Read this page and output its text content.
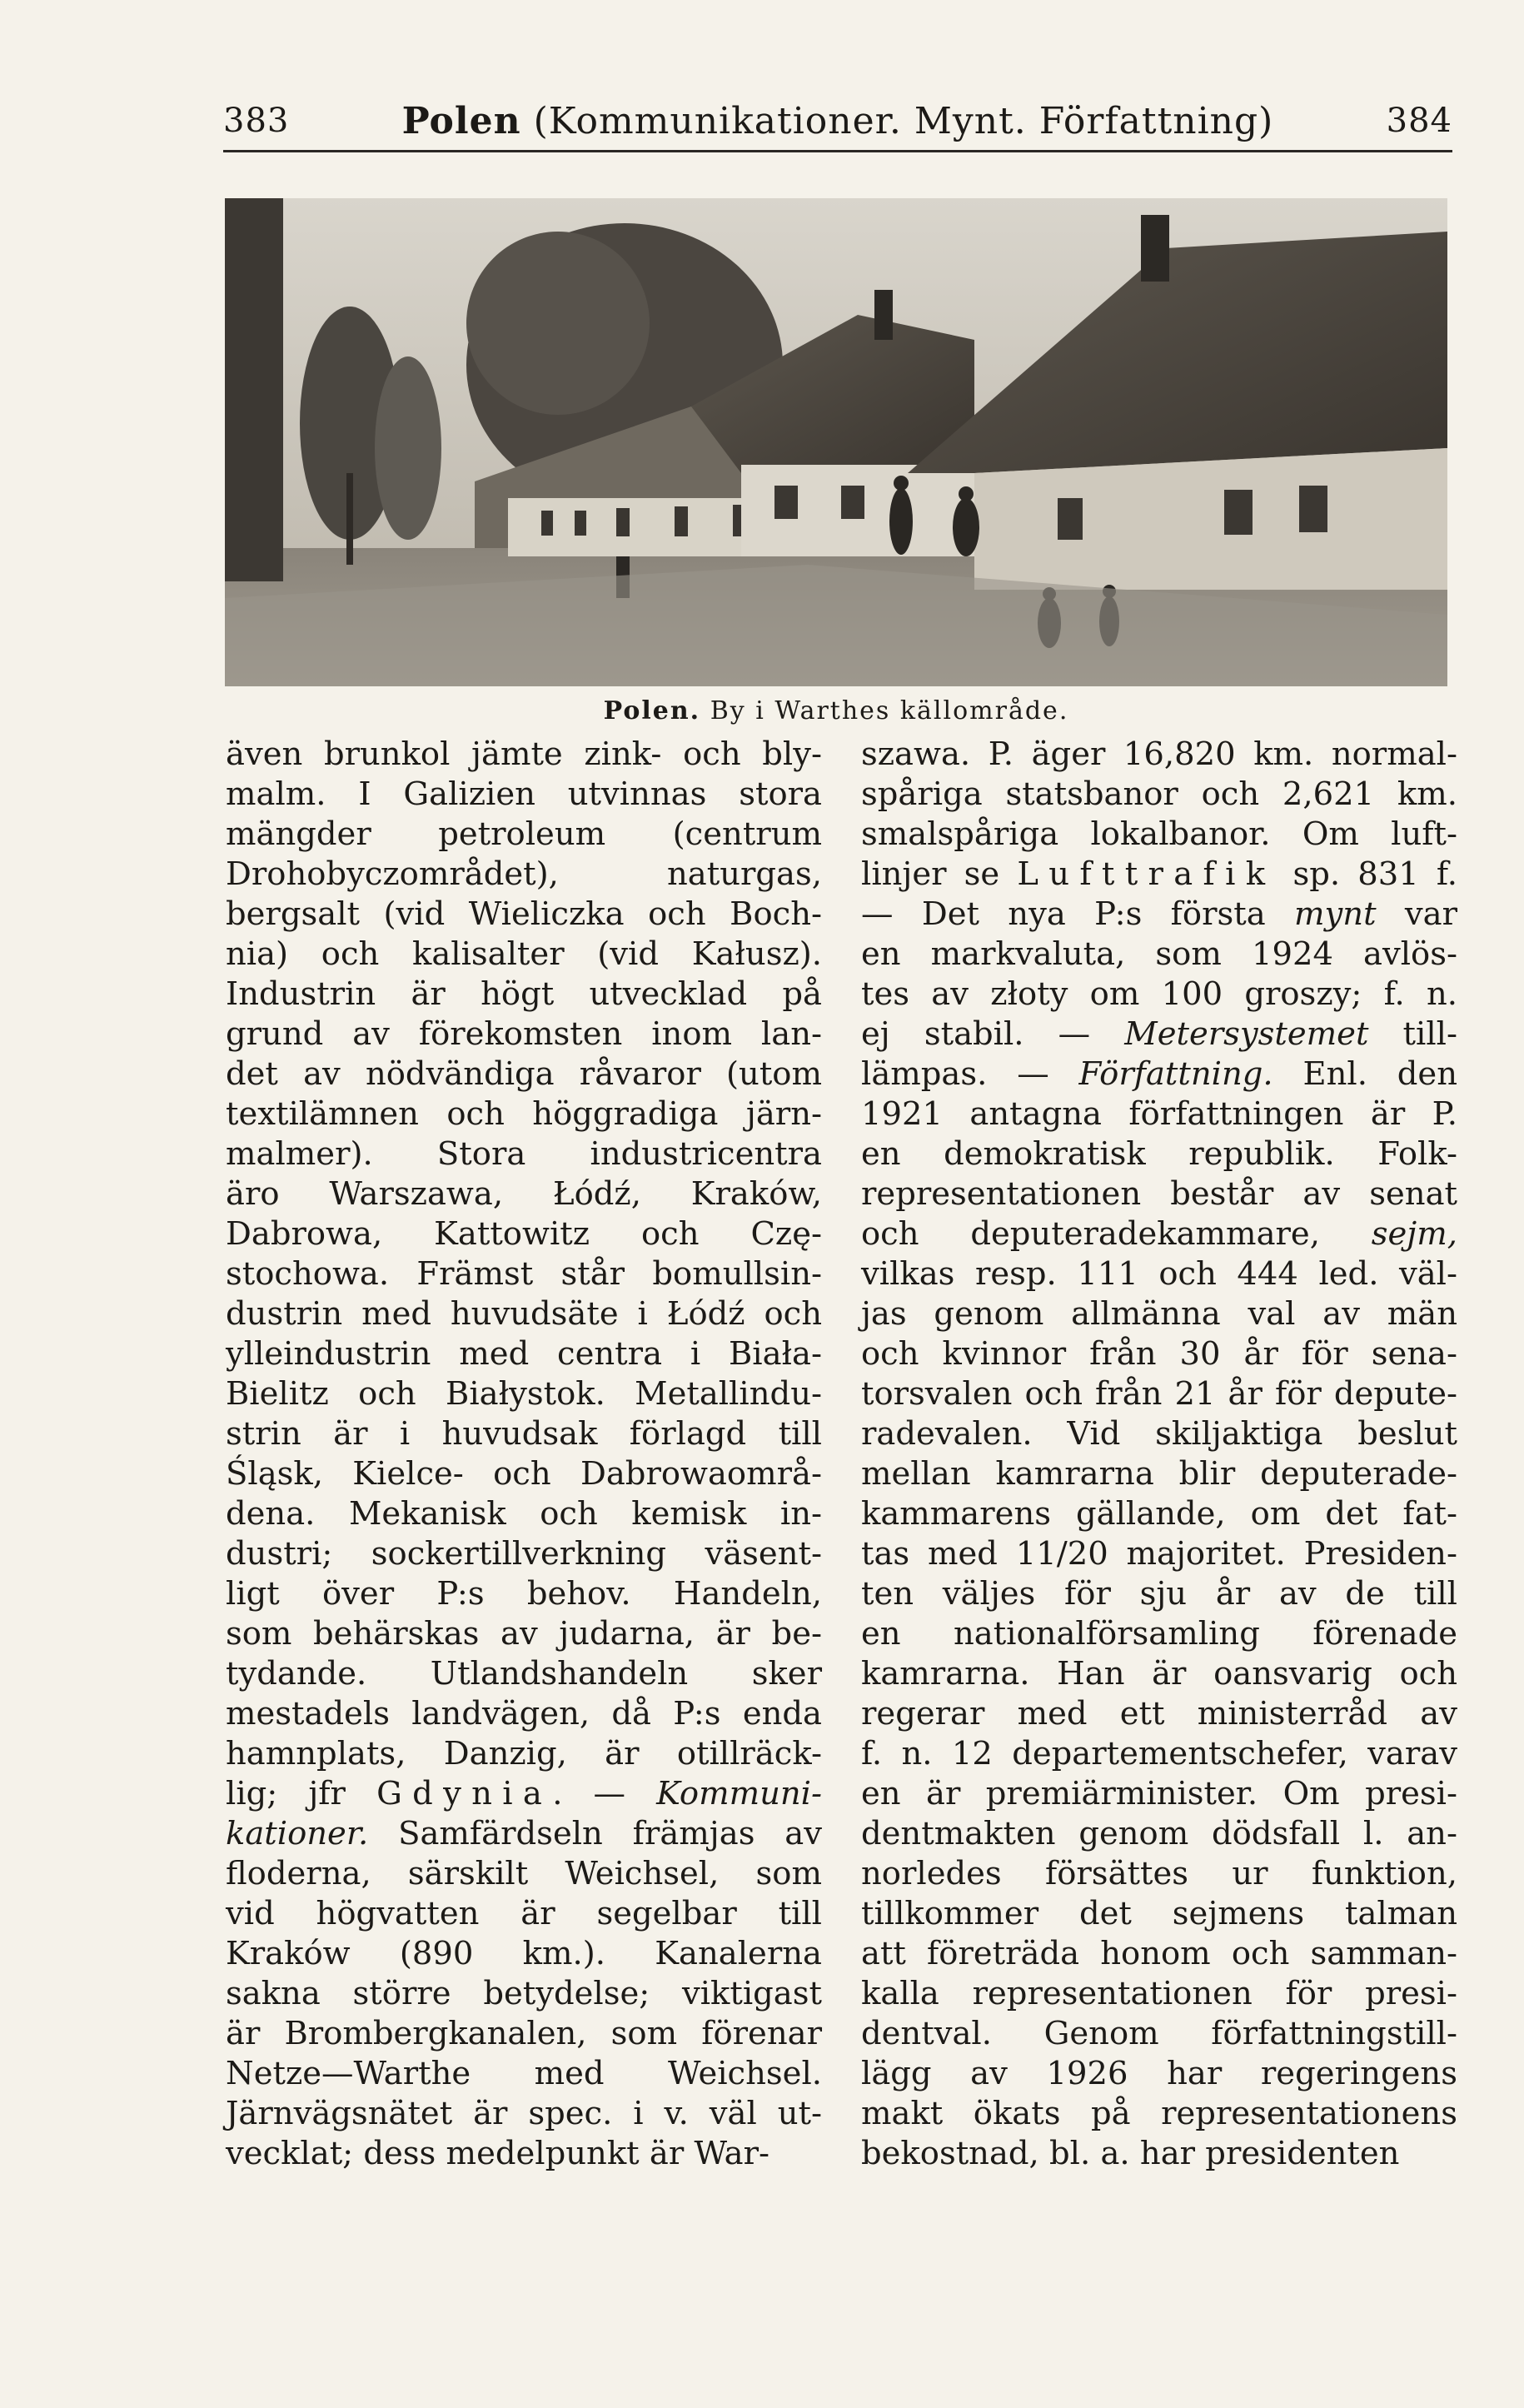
383	Polen (Kommunikationer. Mynt. Författning)	384
Polen. By i Warthes källområde.
även brunkol jämte zink- och bly-
malm. I Galizien utvinnas stora
mängder petroleum (centrum
Drohobyczområdet), naturgas,
bergsalt (vid Wieliczka och Boch-
nia) och kalisalter (vid Kałusz).
Industrin är högt utvecklad på
grund av förekomsten inom lan-
det av nödvändiga råvaror (utom
textilämnen och höggradiga järn-
malmer). Stora industricentra
äro Warszawa, Łódź, Kraków,
Dabrowa, Kattowitz och Czę-
stochowa. Främst står bomullsin-
dustrin med huvudsäte i Łódź och
ylleindustrin med centra i Biała-
Bielitz och Białystok. Metallindu-
strin är i huvudsak förlagd till
Śląsk, Kielce- och Dabrowaområ-
dena. Mekanisk och kemisk in-
dustri; sockertillverkning väsent-
ligt över P:s behov. Handeln,
som behärskas av judarna, är be-
tydande. Utlandshandeln sker
mestadels landvägen, då P:s enda
hamnplats, Danzig, är otillräck-
lig; jfr Gdynia. — Kommuni-
kationer. Samfärdseln främjas av
floderna, särskilt Weichsel, som
vid högvatten är segelbar till
Kraków (890 km.). Kanalerna
sakna större betydelse; viktigast
är Brombergkanalen, som förenar
Netze—Warthe med Weichsel.
Järnvägsnätet är spec. i v. väl ut-
vecklat; dess medelpunkt är War-
szawa. P. äger 16,820 km. normal-
spåriga statsbanor och 2,621 km.
smalspåriga lokalbanor. Om luft-
linjer se Lufttrafik sp. 831 f.
— Det nya P:s första mynt var
en markvaluta, som 1924 avlös-
tes av złoty om 100 groszy; f. n.
ej stabil. — Metersystemet till-
lämpas. — Författning. Enl. den
1921 antagna författningen är P.
en demokratisk republik. Folk-
representationen består av senat
och deputeradekammare, sejm,
vilkas resp. 111 och 444 led. väl-
jas genom allmänna val av män
och kvinnor från 30 år för sena-
torsvalen och från 21 år för depute-
radevalen. Vid skiljaktiga beslut
mellan kamrarna blir deputerade-
kammarens gällande, om det fat-
tas med 11/20 majoritet. Presiden-
ten väljes för sju år av de till
en nationalförsamling förenade
kamrarna. Han är oansvarig och
regerar med ett ministerråd av
f. n. 12 departementschefer, varav
en är premiärminister. Om presi-
dentmakten genom dödsfall l. an-
norledes försättes ur funktion,
tillkommer det sejmens talman
att företräda honom och samman-
kalla representationen för presi-
dentval. Genom författningstill-
lägg av 1926 har regeringens
makt ökats på representationens
bekostnad, bl. a. har presidenten
